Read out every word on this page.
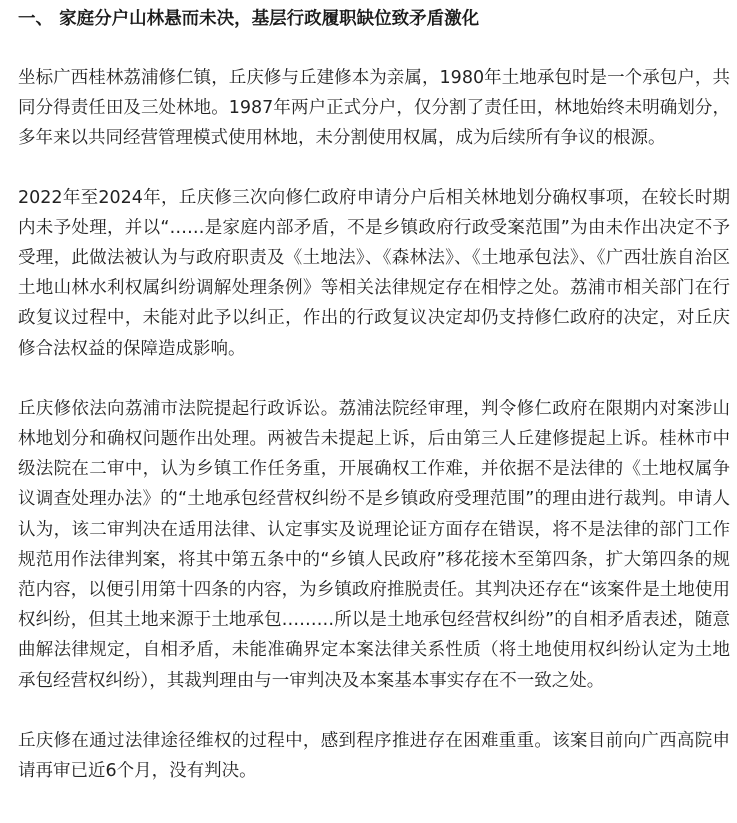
一、 家庭分户山林悬而未决，基层行政履职缺位致矛盾激化

坐标广西桂林荔浦修仁镇，丘庆修与丘建修本为亲属，1980年土地承包时是一个承包户，共同分得责任田及三处林地。1987年两户正式分户，仅分割了责任田，林地始终未明确划分，多年来以共同经营管理模式使用林地，未分割使用权属，成为后续所有争议的根源。

2022年至2024年，丘庆修三次向修仁政府申请分户后相关林地划分确权事项，在较长时期内未予处理，并以“……是家庭内部矛盾，不是乡镇政府行政受案范围”为由未作出决定不予受理，此做法被认为与政府职责及《土地法》、《森林法》、《土地承包法》、《广西壮族自治区土地山林水利权属纠纷调解处理条例》等相关法律规定存在相悖之处。荔浦市相关部门在行政复议过程中，未能对此予以纠正，作出的行政复议决定却仍支持修仁政府的决定，对丘庆修合法权益的保障造成影响。

丘庆修依法向荔浦市法院提起行政诉讼。荔浦法院经审理，判令修仁政府在限期内对案涉山林地划分和确权问题作出处理。两被告未提起上诉，后由第三人丘建修提起上诉。桂林市中级法院在二审中，认为乡镇工作任务重，开展确权工作难，并依据不是法律的《土地权属争议调查处理办法》的“土地承包经营权纠纷不是乡镇政府受理范围”的理由进行裁判。申请人认为，该二审判决在适用法律、认定事实及说理论证方面存在错误，将不是法律的部门工作规范用作法律判案，将其中第五条中的“乡镇人民政府”移花接木至第四条，扩大第四条的规范内容，以便引用第十四条的内容，为乡镇政府推脱责任。其判决还存在“该案件是土地使用权纠纷，但其土地来源于土地承包………所以是土地承包经营权纠纷”的自相矛盾表述，随意曲解法律规定，自相矛盾，未能准确界定本案法律关系性质（将土地使用权纠纷认定为土地承包经营权纠纷），其裁判理由与一审判决及本案基本事实存在不一致之处。

丘庆修在通过法律途径维权的过程中，感到程序推进存在困难重重。该案目前向广西高院申请再审已近6个月，没有判决。
